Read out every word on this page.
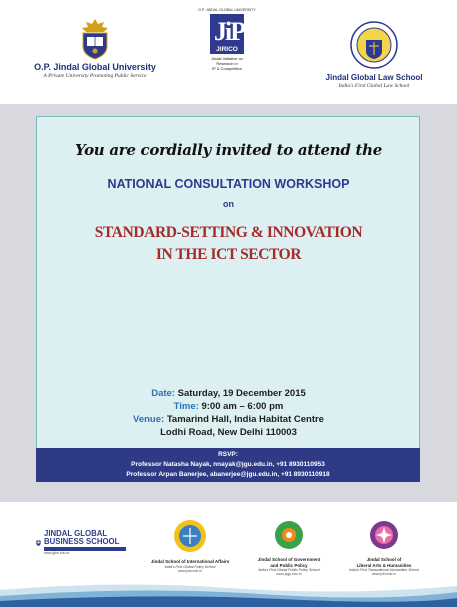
O.P. Jindal Global University
A Private University Promoting Public Service
O.P. JINDAL GLOBAL UNIVERSITY
JiP
JIRICO
Jindal Initiative on
Research in
IP & Competition
Jindal Global Law School
India's First Global Law School
You are cordially invited to attend the
NATIONAL CONSULTATION WORKSHOP
on
STANDARD-SETTING & INNOVATION
IN THE ICT SECTOR
Date: Saturday, 19 December 2015
Time: 9:00 am – 6:00 pm
Venue: Tamarind Hall, India Habitat Centre
Lodhi Road, New Delhi 110003
RSVP:
Professor Natasha Nayak, nnayak@jgu.edu.in, +91 8930110953
Professor Arpan Banerjee, abanerjee@jgu.edu.in, +91 8930110918
JINDAL GLOBAL
BUSINESS SCHOOL
www.jgbs.edu.in
Jindal School of International Affairs
India's First Global Policy School
www.jsia.edu.in
Jindal School of Government
and Public Policy
India's First Global Public Policy School
www.jsgp.edu.in
Jindal School of
Liberal Arts & Humanities
India's First Transnational Humanities School
www.jslh.edu.in
